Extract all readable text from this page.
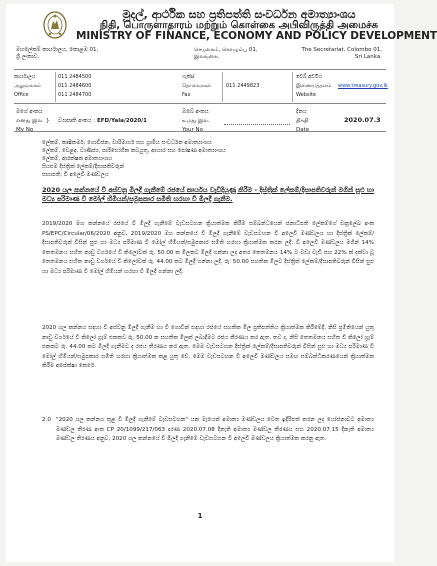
මුදල්, ආර්ථික සහ ප්‍රතිපත්ති සංවර්ධන අමාත්‍යාංශය
நிதி, பொருளாதாரம் மற்றும் கொள்கை அபிவிருத்தி அமைச்சு
MINISTRY OF FINANCE, ECONOMY AND POLICY DEVELOPMENT
මහලේකම් කාර්යාලය, කොළඹ 01,
ශ්‍රී ලංකාව.
செயலகம், கொழும்பு 01,
இலங்கை.
The Secretariat, Colombo 01,
Sri Lanka.
කාර්යාලය
அலுவலகம்
Office
011 2484500
011 2484600
011 2484700
ෆැක්ස්
தொலைநகல்
Fax

011 2449823
වෙබ් අඩවිය
இணையத்தளம்
Website

www.treasury.gov.lk
මගේ අංකය
எனது இல.
My No
}	ව්‍යාපෘති අංකය : EFD/Yala/2020/1
ඔබේ අංකය
உமது இல.
Your No
දිනය
திகதி
Date
2020.07.3
ලේකම්, කෘෂිකර්ම, ගොවිජන, වාරිමාර්ග සහ ග්‍රාමීය සංවර්ධන අමාත්‍යාංශය
ලේකම්, වෙළඳ, වාණිජ්‍ය, පාරිභෝගික කටයුතු, ආහාර සහ පෝෂණ අමාත්‍යාංශය
ලේකම්, ආරක්ෂක අමාත්‍යාංශය
සියළුම දිස්ත්‍රික් ලේකම්/දිසාපතිවරුන්
සභාපති, වී අලෙවි මණ්ඩලය
2020 යල කන්නයේ වී අස්වනු මිලදී ගැනීමේ රජයේ කාර්යය වැඩිදියුණු කිරීම - දිස්ත්‍රික් ලේකම්/දිසාපතිවරුන් මගින් සුළු හා මධ්‍ය පරිමාණ වී මෝල් හිමියන්/සමුපකාර සමිති හරහා වී මිලදී ගැනීම.
2019/2020 මහ කන්නයේ රජයේ වී මිලදී ගැනීමේ වැඩසටහන ක්‍රියාත්මක කිරීම සම්බන්ධයෙන් ජනාධිපති ලේකම්ගේ චක්‍රලේඛ අංක PS/EPC/Circular/06/2020 අනුව, 2019/2020 මහ කන්නයේ වී මිලදී ගැනීමේ වැඩසටහන වී අලෙවි මණ්ඩලය හා දිස්ත්‍රික් ලේකම්/දිසාපතිවරුන් විසින් සුළු හා මධ්‍ය පරිමාණ වී මෝල් හිමියන්/සමුපකාර සමිති හරහා ක්‍රියාත්මක කරන ලදී. වී අලෙවි මණ්ඩලය මගින් 14% තෙතමනය සහිත නාඩු වර්ගයේ වී කිලෝවක් රු. 50.00 ක මිලකට මිලදී ගන්නා ලද අතර තෙතමනය 14% ට වඩා වැඩි සහ 22% ක් දක්වා වූ තෙතමනය සහිත නාඩු වර්ගයේ වී කිලෝවක් රු. 44.00 කට මිලදී ගන්නා ලදී. රු. 50.00 සහතික මිලට දිස්ත්‍රික් ලේකම්/දිසාපතිවරුන් විසින් සුළු හා මධ්‍ය පරිමාණ වී මෝල් හිමියන් හරහා වී මිලදී ගන්නා ලදී.
2020 යල කන්නය සඳහා වී අස්වනු මිලදී ගැනීම හා වී ගොවීන් සඳහා රජයේ සහතික මිල ප්‍රතිපත්තිය ක්‍රියාත්මක කිරීමේදී, නිසි ප්‍රමිතියෙන් යුතු නාඩු වර්ගයේ වී කිලෝ ග්‍රෑම් එකකට රු. 50.00 ක සහතික මිලක් ලබාදීමට රජය තීරණය කර ඇත. තව ද, නිසි තෙතමනය සහිත වී කිලෝ ග්‍රෑම් එකකට රු. 44.00 කට මිලදී ගැනීමට ද රජය තීරණය කර ඇත. මෙම වැඩසටහන දිස්ත්‍රික් ලේකම්/දිසාපතිවරුන් විසින් සුළු හා මධ්‍ය පරිමාණ වී මෝල් හිමියන්/සමුපකාර සමිති හරහා ක්‍රියාත්මක කළ යුතු වේ. මෙම වැඩසටහන වී අලෙවි මණ්ඩලය සමඟ සම්බන්ධීකරණයෙන් ක්‍රියාත්මක කිරීම අපේක්ෂා කෙරේ.
2.0 "2020 යල කන්නය තුළ වී මිලදී ගැනීමේ වැඩසටහන" යන මැයෙන් අමාත්‍ය මණ්ඩලය වෙත ඉදිරිපත් කරන ලද යෝජනාවට අමාත්‍ය මණ්ඩල තීරණ අංක CP 20/1099/217/063 දරණ 2020.07.08 දිනැති අමාත්‍ය මණ්ඩල තීරණය සහ 2020.07.15 දිනැති අමාත්‍ය මණ්ඩල තීරණය අනුව, 2020 යල කන්නයේ වී මිලදී ගැනීමේ වැඩසටහන වී අලෙවි මණ්ඩලය ක්‍රියාත්මක කරනු ඇත.
1
